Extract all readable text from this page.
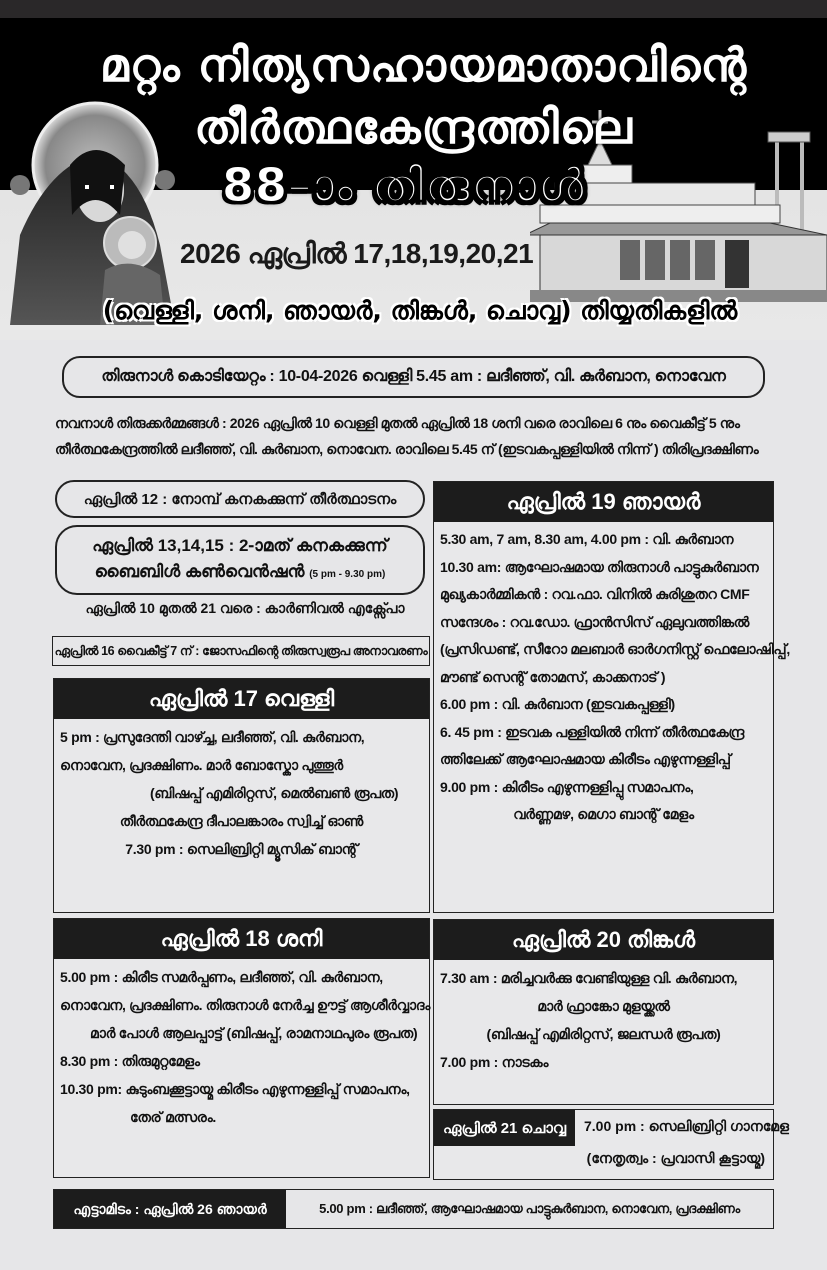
മറ്റം നിത്യസഹായമാതാവിന്റെ
തീർത്ഥകേന്ദ്രത്തിലെ
88–ാം തിരുനാൾ
2026 ഏപ്രിൽ 17,18,19,20,21
(വെള്ളി, ശനി, ഞായർ, തിങ്കൾ, ചൊവ്വ) തിയ്യതികളിൽ
തിരുനാൾ കൊടിയേറ്റം : 10-04-2026 വെള്ളി 5.45 am : ലദീഞ്ഞ്, വി. കുർബാന, നൊവേന
നവനാൾ തിരുക്കർമ്മങ്ങൾ : 2026 ഏപ്രിൽ 10 വെള്ളി മുതൽ ഏപ്രിൽ 18 ശനി വരെ രാവിലെ 6 നും വൈകീട്ട് 5 നും
തീർത്ഥകേന്ദ്രത്തിൽ ലദീഞ്ഞ്, വി. കുർബാന, നൊവേന. രാവിലെ 5.45 ന് (ഇടവകപ്പള്ളിയിൽ നിന്ന് ) തിരിപ്രദക്ഷിണം
ഏപ്രിൽ 12 : നോമ്പ് കനകക്കുന്ന് തീർത്ഥാടനം
ഏപ്രിൽ 13,14,15 : 2-ാമത് കനകക്കുന്ന്
ബൈബിൾ കൺവെൻഷൻ (5 pm - 9.30 pm)
ഏപ്രിൽ 10 മുതൽ 21 വരെ : കാർണിവൽ എക്സ്പോ
ഏപ്രിൽ 16 വൈകീട്ട് 7 ന് : ജോസഫിന്റെ തിരുസ്വരൂപ അനാവരണം
ഏപ്രിൽ 17 വെള്ളി
5 pm : പ്രസുദേന്തി വാഴ്ച്ച, ലദീഞ്ഞ്, വി. കുർബാന,
നൊവേന, പ്രദക്ഷിണം. മാർ ബോസ്കോ പുത്തൂർ
(ബിഷപ്പ് എമിരിറ്റസ്, മെൽബൺ രൂപത)
തീർത്ഥകേന്ദ്ര ദീപാലങ്കാരം സ്വിച്ച് ഓൺ
7.30 pm : സെലിബ്രിറ്റി മ്യൂസിക് ബാന്റ്
ഏപ്രിൽ 18 ശനി
5.00 pm : കിരീട സമർപ്പണം, ലദീഞ്ഞ്, വി. കുർബാന,
നൊവേന, പ്രദക്ഷിണം. തിരുനാൾ നേർച്ച ഊട്ട് ആശീർവ്വാദം
മാർ പോൾ ആലപ്പാട്ട് (ബിഷപ്പ്, രാമനാഥപുരം രൂപത)
8.30 pm : തിരുമുറ്റമേളം
10.30 pm: കുടുംബക്കൂട്ടായ്മ കിരീടം എഴുന്നള്ളിപ്പ് സമാപനം,
തേര് മത്സരം.
ഏപ്രിൽ 19 ഞായർ
5.30 am, 7 am, 8.30 am, 4.00 pm : വി. കുർബാന
10.30 am: ആഘോഷമായ തിരുനാൾ പാട്ടുകുർബാന
മുഖ്യകാർമ്മികൻ : റവ.ഫാ. വിനിൽ കുരിശുതറ CMF
സന്ദേശം : റവ.ഡോ. ഫ്രാൻസിസ് ഏലുവത്തിങ്കൽ
(പ്രസിഡണ്ട്, സീറോ മലബാർ ഓർഗനിസ്റ്റ് ഫെലോഷിപ്പ്,
മൗണ്ട് സെന്റ് തോമസ്, കാക്കനാട് )
6.00 pm : വി. കുർബാന (ഇടവകപ്പള്ളി)
6. 45 pm : ഇടവക പള്ളിയിൽ നിന്ന് തീർത്ഥകേന്ദ്ര
ത്തിലേക്ക് ആഘോഷമായ കിരീടം എഴുന്നള്ളിപ്പ്
9.00 pm : കിരീടം എഴുന്നള്ളിപ്പു സമാപനം,
വർണ്ണമഴ, മെഗാ ബാന്റ് മേളം
ഏപ്രിൽ 20 തിങ്കൾ
7.30 am : മരിച്ചവർക്കു വേണ്ടിയുള്ള വി. കുർബാന,
മാർ ഫ്രാങ്കോ മുളയ്ക്കൽ
(ബിഷപ്പ് എമിരിറ്റസ്, ജലന്ധർ രൂപത)
7.00 pm : നാടകം
ഏപ്രിൽ 21 ചൊവ്വ	7.00 pm : സെലിബ്രിറ്റി ഗാനമേള
(നേതൃത്വം : പ്രവാസി കൂട്ടായ്മ)
എട്ടാമിടം : ഏപ്രിൽ 26 ഞായർ	5.00 pm : ലദീഞ്ഞ്, ആഘോഷമായ പാട്ടുകുർബാന, നൊവേന, പ്രദക്ഷിണം
